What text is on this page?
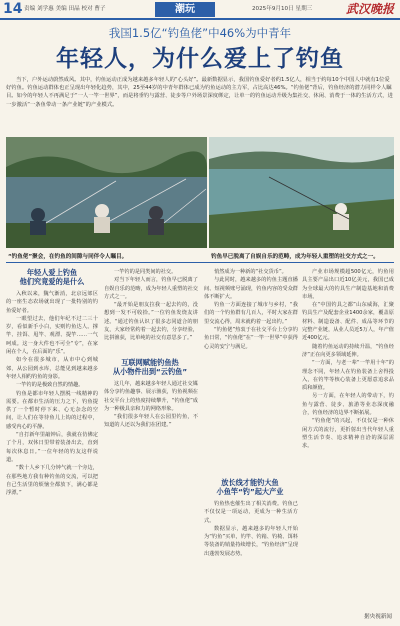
14 责编 刘学惠 美编 田晶 校对 曹子	潮玩	2025年9月10日 星期三	武汉晚报
我国1.5亿“钓鱼佬”中46%为中青年
年轻人，为什么爱上了钓鱼
当下，户外运动蔚然成风。其中，钓鱼运动正成为越来越多年轻人的“心头好”。最新数据显示，我国钓鱼爱好者约1.5亿人，相当于约每10个中国人中就有1位爱好钓鱼。钓鱼运动群体也正呈现出年轻化趋势，其中，25至44岁的中青年群体已成为钓鱼运动的主力军，占比高达46%。“钓鱼佬”背后，钓鱼经济的潜力同样令人瞩目。如今的年轻人不再满足于“一人一竿一世界”，而是将垂钓与露营、徒步等户外场景深度绑定，让单一的钓鱼运动升级为集社交、休闲、消费于一体的生活方式，进一步激活“一条鱼带动一条产业链”的产业模式。
“钓鱼佬”聚会，在钓鱼的间隙与同伴令人瞩目。	钓鱼早已脱离了自娱自乐的范畴，成为年轻人重塑的社交方式之一。
年轻人爱上钓鱼
他们究竟爱的是什么
互联网赋能钓鱼热
从小物件出到“云钓鱼”
放长线才能钓大鱼
小鱼竿“钓”起大产业

入秋以来，魏气渐消，北京远郊区的一座生态农场就出现了一批特别的钓鱼爱好者。

一眼望过去，他们年纪不过二三十岁，看似新手小白，实则钓鱼达人。撑竿、挂饵、甩竿、观漂、提竿……一气呵成。这一身大件也不可全“专”，在家闲在个人，在后面的“乐”。

如今在很多城市，从市中心到城郊，从公园到水库，总能见到越来越多年轻人相约钓鱼的身影。

一竿钓的是极致自然的情趣。

钓鱼是都市年轻人摆脱一线精神的需要。在都市生活的压力之下，钓鱼提供了一个暂时停下来、心无杂念的空间，让人们在等待鱼儿上钩的过程中，感受内心的平静。

“自打新年里敲钟后，我就在仿佛定了个月，双休日里带着装备出去，直到每次休息日。”一位年轻的钓友这样说道。

“数十人乡下几分钟气就一个旁边，在那些地方我有种钓鱼的交流，可以把自己生活里的烦恼全都放下，满心都是浮漂。”

一竿钓的是同类间的社交。

对当下年轻人而言，钓鱼早已脱离了自娱自乐的范畴，成为年轻人重塑的社交方式之一。

“最开始是朋友拉我一起去钓的，没想到一发不可收拾。”一位钓鱼发烧友讲述。“通过钓鱼认识了很多志同道合的朋友，大家经常约着一起去钓，分享经验，比拼渔获，比单纯的社交有意思多了。”

这几年，越来越多年轻人通过社交媒体分享钓鱼趣事、展示渔获，钓鱼视频在社交平台上的热度持续攀升，“钓鱼佬”成为一种极具亲和力的网络形象。

“我们很多年轻人在公园里钓鱼，不知道的人还以为我们在团建。”

悄然成为一种新的“社交货币”。

与此同时，越来越多的钓鱼主题直播间、短视频账号涌现，钓鱼内容的受众群体不断扩大。

钓鱼一方面连接了城市与乡村，“我们的一个钓鱼群有几百人，平时大家在群里交流心得，周末就约着一起出钓。”

“钓鱼佬”热衷于在社交平台上分享钓鱼日常，“钓鱼佬”在“一竿一世界”中获得心灵的安宁与满足。

钓鱼热也催生出了相关消费。钓鱼已不仅仅是一项运动，更成为一种生活方式。

数据显示，越来越多的年轻人开始为“钓鱼”买单，钓竿、钓箱、钓椅、饵料等装备的销量持续增长，“钓鱼经济”呈现出蓬勃发展态势。

产业市场规模超500亿元，钓鱼用具主要产品出口近10亿美元，我国已成为全球最大的钓具生产制造基地和消费市场。

在“中国钓具之都”山东威海，汇聚钓具生产及配套企业1400余家，覆盖原材料、制造设备、配件、成品等环节的完整产业链，从业人员近5万人，年产值近400亿元。

随着钓鱼运动的持续升温，“钓鱼经济”正在向更多领域延伸。

“一方面，与老一辈“一竿用十年”的理念不同，年轻人在钓鱼装备上舍得投入，在钓竿等核心装备上更愿意追求品质和颜值。

另一方面，在年轻人的带动下，钓鱼与露营、徒步、旅游等业态深度融合，钓鱼经济的边界不断拓展。

“钓鱼佬”的兴起，不仅仅是一种休闲方式的流行，更折射出当代年轻人重塑生活节奏、追求精神自洽的深层需求。

据央视新闻
